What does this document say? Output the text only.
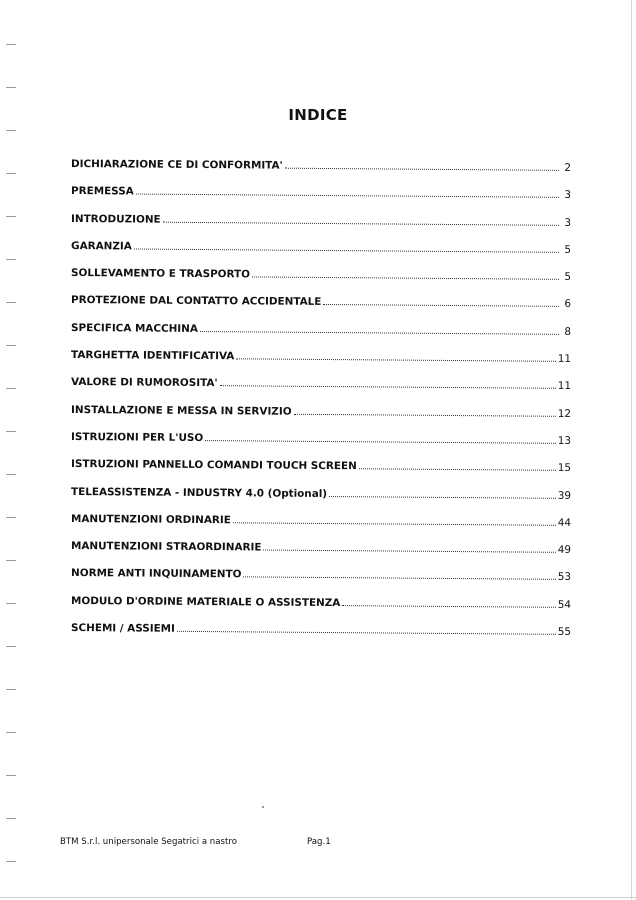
INDICE
DICHIARAZIONE CE DI CONFORMITA'	2
PREMESSA	3
INTRODUZIONE	3
GARANZIA	5
SOLLEVAMENTO E TRASPORTO	5
PROTEZIONE DAL CONTATTO ACCIDENTALE	6
SPECIFICA MACCHINA	8
TARGHETTA IDENTIFICATIVA	11
VALORE DI RUMOROSITA'	11
INSTALLAZIONE E MESSA IN SERVIZIO	12
ISTRUZIONI PER L'USO	13
ISTRUZIONI PANNELLO COMANDI TOUCH SCREEN	15
TELEASSISTENZA - INDUSTRY 4.0 (Optional)	39
MANUTENZIONI ORDINARIE	44
MANUTENZIONI STRAORDINARIE	49
NORME ANTI INQUINAMENTO	53
MODULO D'ORDINE MATERIALE O ASSISTENZA	54
SCHEMI / ASSIEMI	55
BTM S.r.l. unipersonale Segatrici a nastro	Pag.1
